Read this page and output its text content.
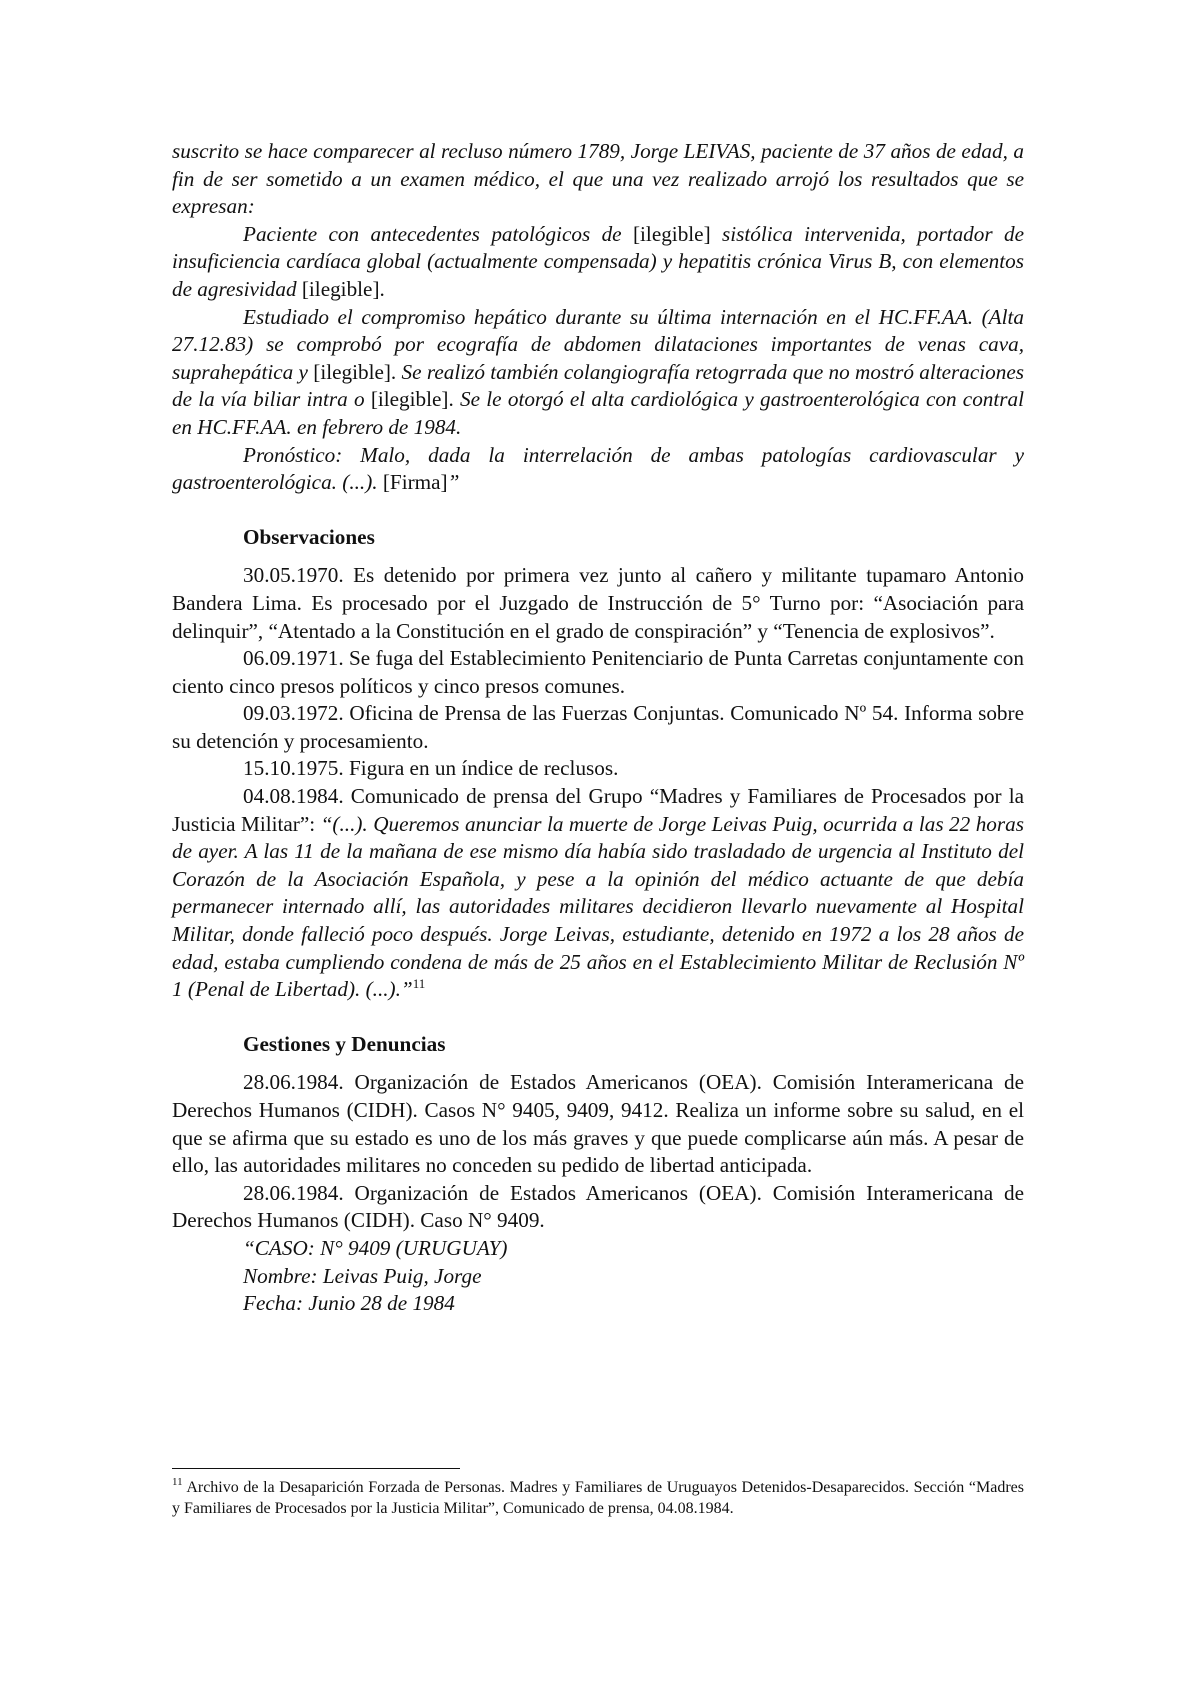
suscrito se hace comparecer al recluso número 1789, Jorge LEIVAS, paciente de 37 años de edad, a fin de ser sometido a un examen médico, el que una vez realizado arrojó los resultados que se expresan:

Paciente con antecedentes patológicos de [ilegible] sistólica intervenida, portador de insuficiencia cardíaca global (actualmente compensada) y hepatitis crónica Virus B, con elementos de agresividad [ilegible].

Estudiado el compromiso hepático durante su última internación en el HC.FF.AA. (Alta 27.12.83) se comprobó por ecografía de abdomen dilataciones importantes de venas cava, suprahepática y [ilegible]. Se realizó también colangiografía retogrrada que no mostró alteraciones de la vía biliar intra o [ilegible]. Se le otorgó el alta cardiológica y gastroenterológica con contral en HC.FF.AA. en febrero de 1984.

Pronóstico: Malo, dada la interrelación de ambas patologías cardiovascular y gastroenterológica. (...). [Firma]”

Observaciones

30.05.1970. Es detenido por primera vez junto al cañero y militante tupamaro Antonio Bandera Lima. Es procesado por el Juzgado de Instrucción de 5° Turno por: “Asociación para delinquir”, “Atentado a la Constitución en el grado de conspiración” y “Tenencia de explosivos”.

06.09.1971. Se fuga del Establecimiento Penitenciario de Punta Carretas conjuntamente con ciento cinco presos políticos y cinco presos comunes.

09.03.1972. Oficina de Prensa de las Fuerzas Conjuntas. Comunicado Nº 54. Informa sobre su detención y procesamiento.

15.10.1975. Figura en un índice de reclusos.

04.08.1984. Comunicado de prensa del Grupo “Madres y Familiares de Procesados por la Justicia Militar”: “(...). Queremos anunciar la muerte de Jorge Leivas Puig, ocurrida a las 22 horas de ayer. A las 11 de la mañana de ese mismo día había sido trasladado de urgencia al Instituto del Corazón de la Asociación Española, y pese a la opinión del médico actuante de que debía permanecer internado allí, las autoridades militares decidieron llevarlo nuevamente al Hospital Militar, donde falleció poco después. Jorge Leivas, estudiante, detenido en 1972 a los 28 años de edad, estaba cumpliendo condena de más de 25 años en el Establecimiento Militar de Reclusión Nº 1 (Penal de Libertad). (...).”$^{11}$

Gestiones y Denuncias

28.06.1984. Organización de Estados Americanos (OEA). Comisión Interamericana de Derechos Humanos (CIDH). Casos N° 9405, 9409, 9412. Realiza un informe sobre su salud, en el que se afirma que su estado es uno de los más graves y que puede complicarse aún más. A pesar de ello, las autoridades militares no conceden su pedido de libertad anticipada.

28.06.1984. Organización de Estados Americanos (OEA). Comisión Interamericana de Derechos Humanos (CIDH). Caso N° 9409.

“CASO: N° 9409 (URUGUAY)

Nombre: Leivas Puig, Jorge

Fecha: Junio 28 de 1984

$^{11}$ Archivo de la Desaparición Forzada de Personas. Madres y Familiares de Uruguayos Detenidos-Desaparecidos. Sección “Madres y Familiares de Procesados por la Justicia Militar”, Comunicado de prensa, 04.08.1984.
